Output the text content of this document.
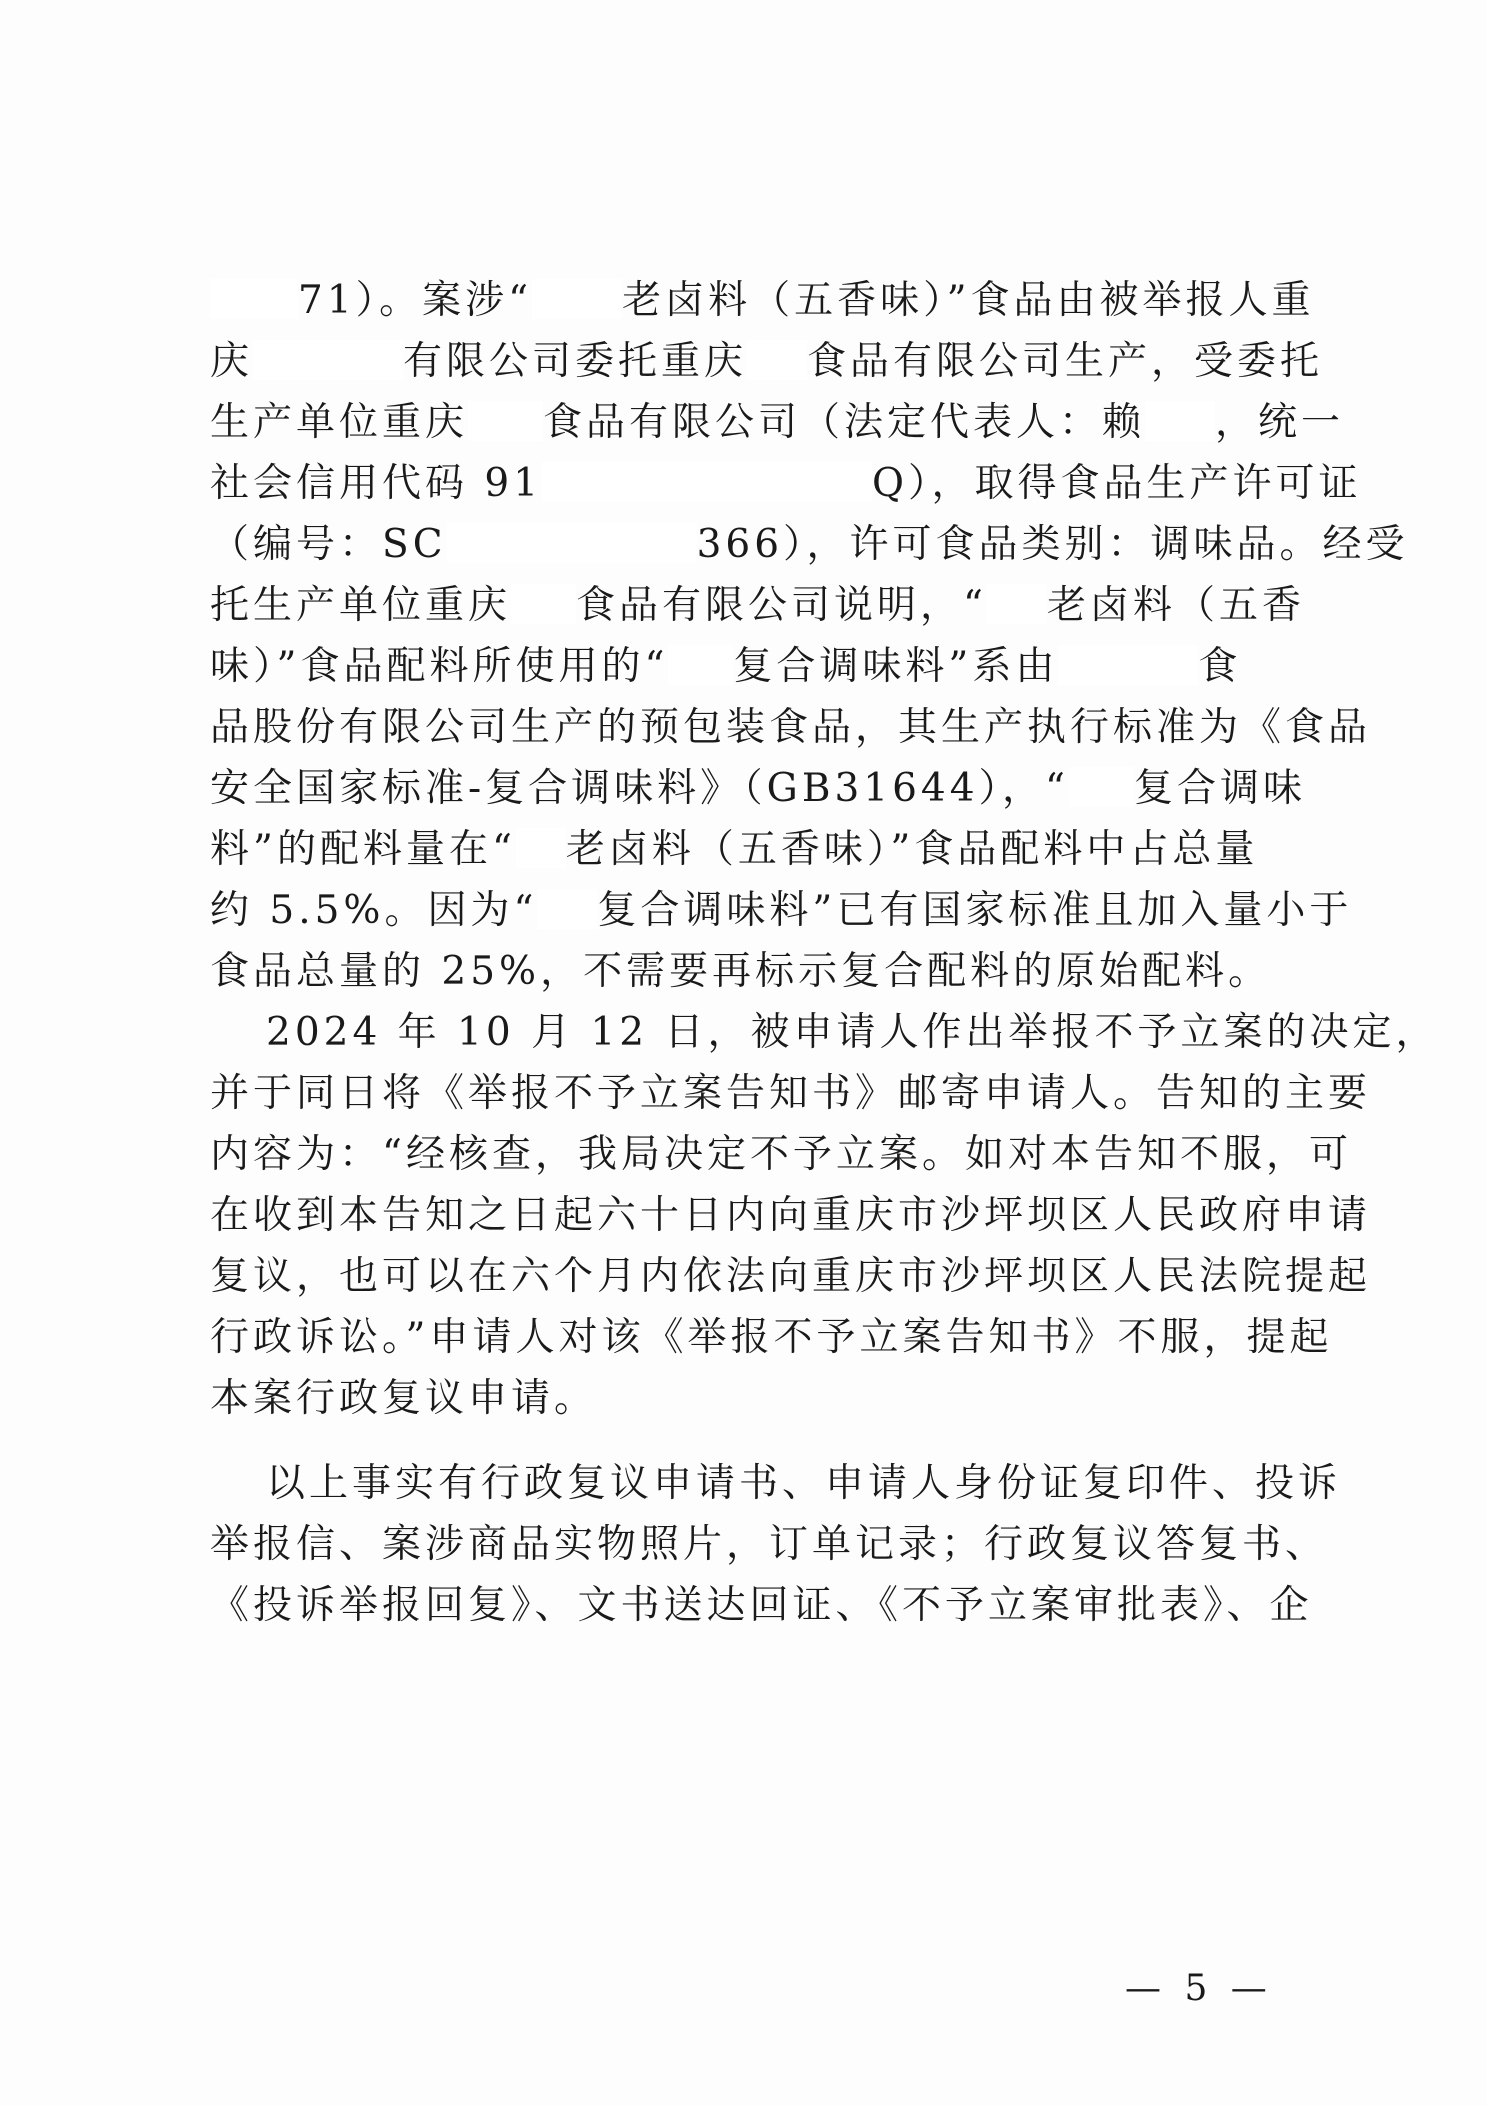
71）。案涉“ 老卤料（五香味）”食品由被举报人重
庆	有限公司委托重庆 食品有限公司生产，受委托
生产单位重庆 食品有限公司（法定代表人：赖 ，统一
社会信用代码 91	Q），取得食品生产许可证
（编号：SC	366），许可食品类别：调味品。经受
托生产单位重庆 食品有限公司说明，“ 老卤料（五香
味）”食品配料所使用的“ 复合调味料”系由	食
品股份有限公司生产的预包装食品，其生产执行标准为《食品
安全国家标准-复合调味料》（GB31644），“ 复合调味
料”的配料量在“ 老卤料（五香味）”食品配料中占总量
约 5.5%。因为“ 复合调味料”已有国家标准且加入量小于
食品总量的 25%，不需要再标示复合配料的原始配料。
2024 年 10 月 12 日，被申请人作出举报不予立案的决定，
并于同日将《举报不予立案告知书》邮寄申请人。告知的主要
内容为：“经核查，我局决定不予立案。如对本告知不服，可
在收到本告知之日起六十日内向重庆市沙坪坝区人民政府申请
复议，也可以在六个月内依法向重庆市沙坪坝区人民法院提起
行政诉讼。”申请人对该《举报不予立案告知书》不服，提起
本案行政复议申请。
以上事实有行政复议申请书、申请人身份证复印件、投诉
举报信、案涉商品实物照片，订单记录；行政复议答复书、
《投诉举报回复》、文书送达回证、《不予立案审批表》、企
— 5 —
